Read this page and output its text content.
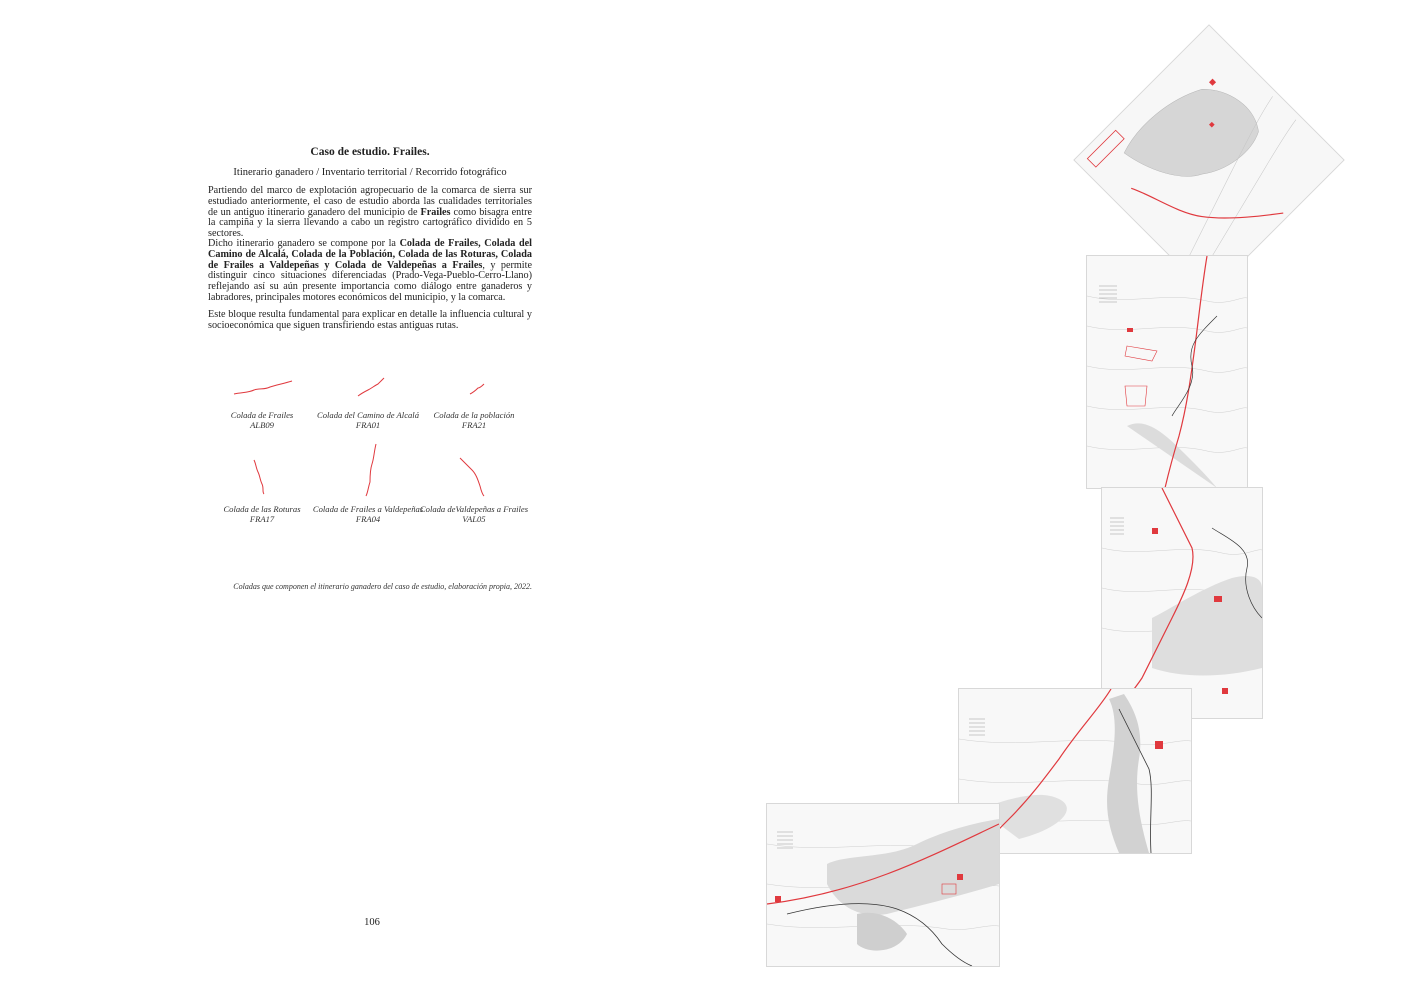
Caso de estudio. Frailes.
Itinerario ganadero / Inventario territorial / Recorrido fotográfico

Partiendo del marco de explotación agropecuario de la comarca de sierra sur estudiado anteriormente, el caso de estudio aborda las cualidades territoriales de un antiguo itinerario ganadero del municipio de Frailes como bisagra entre la campiña y la sierra llevando a cabo un registro cartográfico dividido en 5 sectores.

Dicho itinerario ganadero se compone por la Colada de Frailes, Colada del Camino de Alcalá, Colada de la Población, Colada de las Roturas, Colada de Frailes a Valdepeñas y Colada de Valdepeñas a Frailes, y permite distinguir cinco situaciones diferenciadas (Prado-Vega-Pueblo-Cerro-Llano) reflejando así su aún presente importancia como diálogo entre ganaderos y labradores, principales motores económicos del municipio, y la comarca.

Este bloque resulta fundamental para explicar en detalle la influencia cultural y socioeconómica que siguen transfiriendo estas antiguas rutas.

Colada de Frailes
ALB09
Colada del Camino de Alcalá
FRA01
Colada de la población
FRA21
Colada de las Roturas
FRA17
Colada de Frailes a Valdepeñas
FRA04
Colada deValdepeñas a Frailes
VAL05
Coladas que componen el itinerario ganadero del caso de estudio, elaboración propia, 2022.
106
